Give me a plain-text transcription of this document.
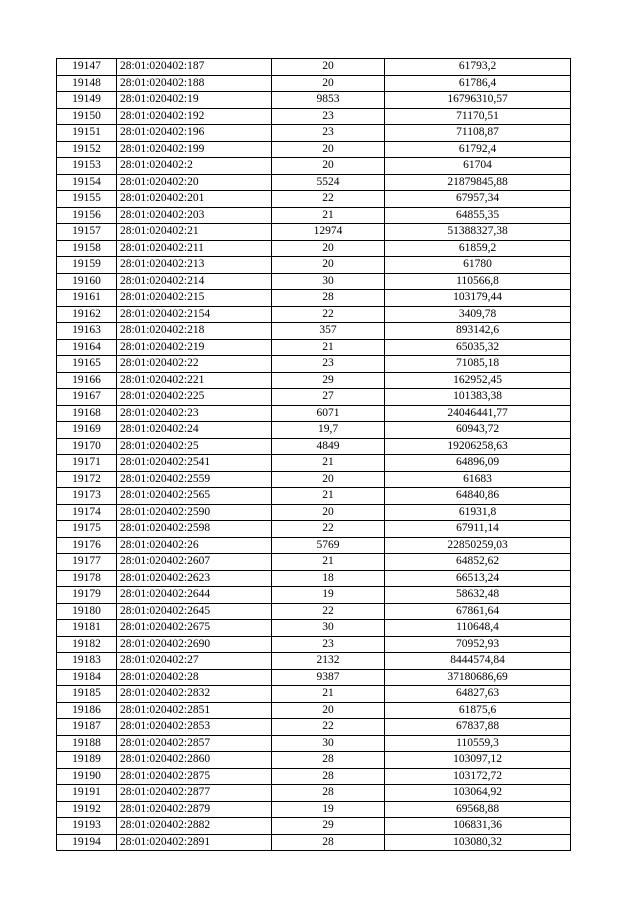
19147	28:01:020402:187	20	61793,2
19148	28:01:020402:188	20	61786,4
19149	28:01:020402:19	9853	16796310,57
19150	28:01:020402:192	23	71170,51
19151	28:01:020402:196	23	71108,87
19152	28:01:020402:199	20	61792,4
19153	28:01:020402:2	20	61704
19154	28:01:020402:20	5524	21879845,88
19155	28:01:020402:201	22	67957,34
19156	28:01:020402:203	21	64855,35
19157	28:01:020402:21	12974	51388327,38
19158	28:01:020402:211	20	61859,2
19159	28:01:020402:213	20	61780
19160	28:01:020402:214	30	110566,8
19161	28:01:020402:215	28	103179,44
19162	28:01:020402:2154	22	3409,78
19163	28:01:020402:218	357	893142,6
19164	28:01:020402:219	21	65035,32
19165	28:01:020402:22	23	71085,18
19166	28:01:020402:221	29	162952,45
19167	28:01:020402:225	27	101383,38
19168	28:01:020402:23	6071	24046441,77
19169	28:01:020402:24	19,7	60943,72
19170	28:01:020402:25	4849	19206258,63
19171	28:01:020402:2541	21	64896,09
19172	28:01:020402:2559	20	61683
19173	28:01:020402:2565	21	64840,86
19174	28:01:020402:2590	20	61931,8
19175	28:01:020402:2598	22	67911,14
19176	28:01:020402:26	5769	22850259,03
19177	28:01:020402:2607	21	64852,62
19178	28:01:020402:2623	18	66513,24
19179	28:01:020402:2644	19	58632,48
19180	28:01:020402:2645	22	67861,64
19181	28:01:020402:2675	30	110648,4
19182	28:01:020402:2690	23	70952,93
19183	28:01:020402:27	2132	8444574,84
19184	28:01:020402:28	9387	37180686,69
19185	28:01:020402:2832	21	64827,63
19186	28:01:020402:2851	20	61875,6
19187	28:01:020402:2853	22	67837,88
19188	28:01:020402:2857	30	110559,3
19189	28:01:020402:2860	28	103097,12
19190	28:01:020402:2875	28	103172,72
19191	28:01:020402:2877	28	103064,92
19192	28:01:020402:2879	19	69568,88
19193	28:01:020402:2882	29	106831,36
19194	28:01:020402:2891	28	103080,32
